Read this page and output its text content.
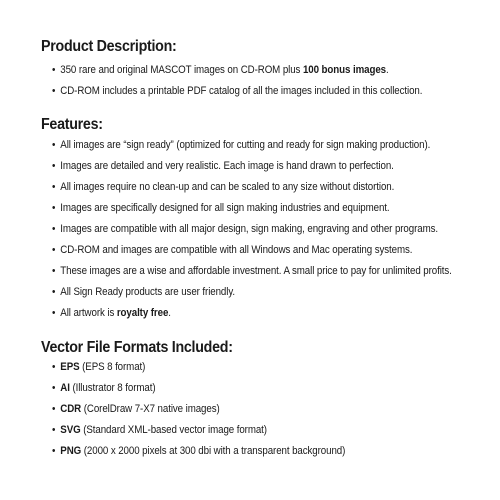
Product Description:
• 350 rare and original MASCOT images on CD-ROM plus 100 bonus images.
• CD-ROM includes a printable PDF catalog of all the images included in this collection.
Features:
• All images are “sign ready” (optimized for cutting and ready for sign making production).
• Images are detailed and very realistic. Each image is hand drawn to perfection.
• All images require no clean-up and can be scaled to any size without distortion.
• Images are specifically designed for all sign making industries and equipment.
• Images are compatible with all major design, sign making, engraving and other programs.
• CD-ROM and images are compatible with all Windows and Mac operating systems.
• These images are a wise and affordable investment. A small price to pay for unlimited profits.
• All Sign Ready products are user friendly.
• All artwork is royalty free.
Vector File Formats Included:
• EPS (EPS 8 format)
• AI (Illustrator 8 format)
• CDR (CorelDraw 7-X7 native images)
• SVG (Standard XML-based vector image format)
• PNG (2000 x 2000 pixels at 300 dbi with a transparent background)
